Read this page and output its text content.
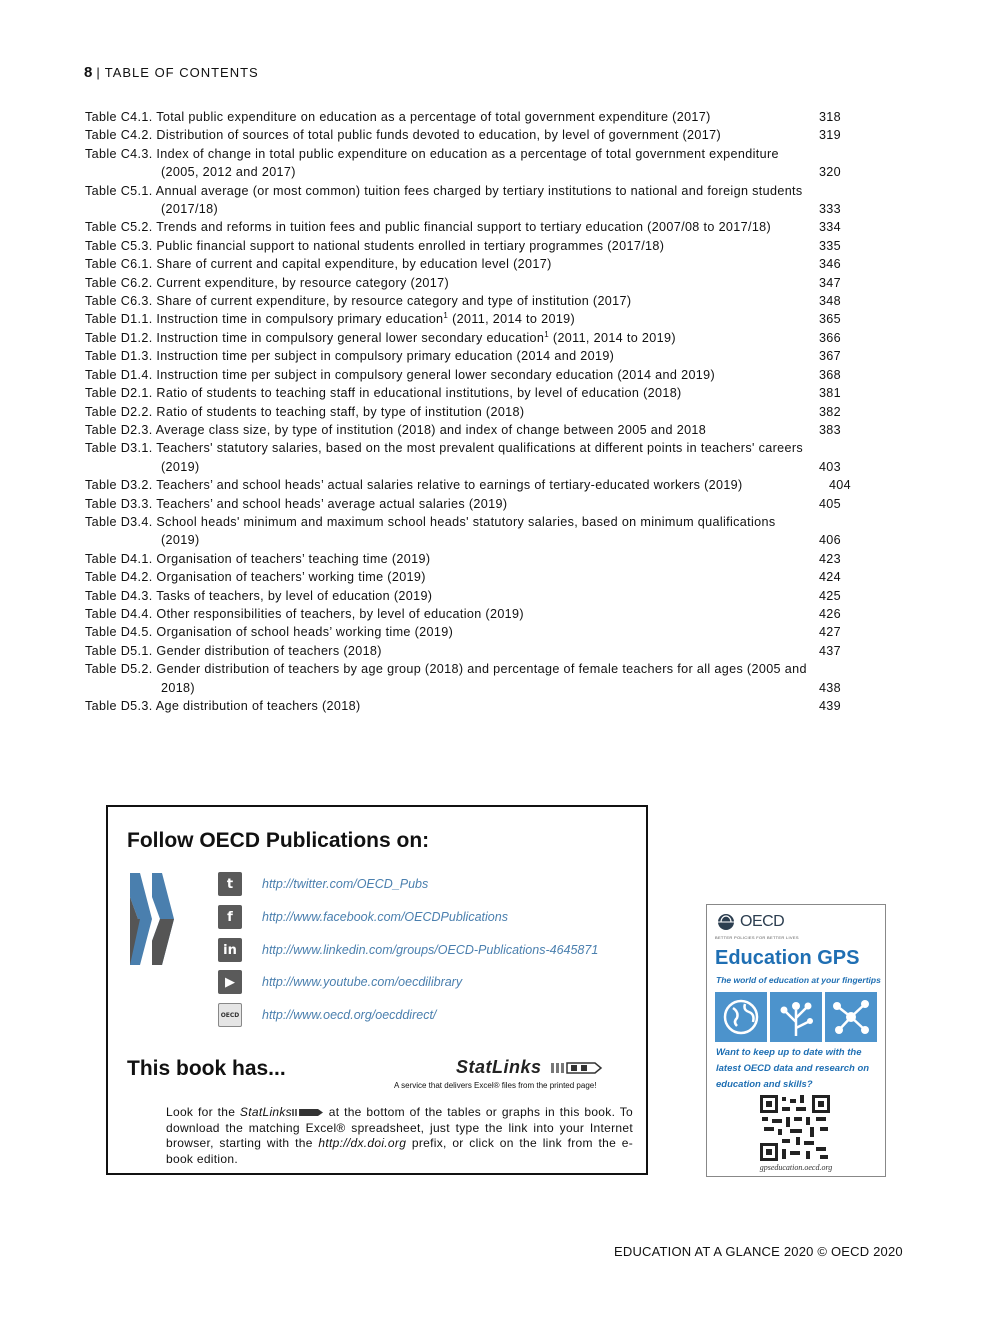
8 | TABLE OF CONTENTS
Table C4.1. Total public expenditure on education as a percentage of total government expenditure (2017)	318
Table C4.2. Distribution of sources of total public funds devoted to education, by level of government (2017)	319
Table C4.3. Index of change in total public expenditure on education as a percentage of total government expenditure (2005, 2012 and 2017)	320
Table C5.1. Annual average (or most common) tuition fees charged by tertiary institutions to national and foreign students (2017/18)	333
Table C5.2. Trends and reforms in tuition fees and public financial support to tertiary education (2007/08 to 2017/18)	334
Table C5.3. Public financial support to national students enrolled in tertiary programmes (2017/18)	335
Table C6.1. Share of current and capital expenditure, by education level (2017)	346
Table C6.2. Current expenditure, by resource category (2017)	347
Table C6.3. Share of current expenditure, by resource category and type of institution (2017)	348
Table D1.1. Instruction time in compulsory primary education$^1$ (2011, 2014 to 2019)	365
Table D1.2. Instruction time in compulsory general lower secondary education$^1$ (2011, 2014 to 2019)	366
Table D1.3. Instruction time per subject in compulsory primary education (2014 and 2019)	367
Table D1.4. Instruction time per subject in compulsory general lower secondary education (2014 and 2019)	368
Table D2.1. Ratio of students to teaching staff in educational institutions, by level of education (2018)	381
Table D2.2. Ratio of students to teaching staff, by type of institution (2018)	382
Table D2.3. Average class size, by type of institution (2018) and index of change between 2005 and 2018	383
Table D3.1. Teachers' statutory salaries, based on the most prevalent qualifications at different points in teachers' careers (2019)	403
Table D3.2. Teachers’ and school heads’ actual salaries relative to earnings of tertiary-educated workers (2019)	404
Table D3.3. Teachers’ and school heads’ average actual salaries (2019)	405
Table D3.4. School heads' minimum and maximum school heads' statutory salaries, based on minimum qualifications (2019)	406
Table D4.1. Organisation of teachers’ teaching time (2019)	423
Table D4.2. Organisation of teachers’ working time (2019)	424
Table D4.3. Tasks of teachers, by level of education (2019)	425
Table D4.4. Other responsibilities of teachers, by level of education (2019)	426
Table D4.5. Organisation of school heads’ working time (2019)	427
Table D5.1. Gender distribution of teachers (2018)	437
Table D5.2. Gender distribution of teachers by age group (2018) and percentage of female teachers for all ages (2005 and 2018)	438
Table D5.3. Age distribution of teachers (2018)	439
Follow OECD Publications on:
t	http://twitter.com/OECD_Pubs
f	http://www.facebook.com/OECDPublications
in	http://www.linkedin.com/groups/OECD-Publications-4645871
▶	http://www.youtube.com/oecdilibrary
OECD http://www.oecd.org/oecddirect/
This book has...	StatLinks
A service that delivers Excel® files from the printed page!
Look for the StatLinks	at the bottom of the tables or graphs in this book. To download the matching Excel® spreadsheet, just type the link into your Internet browser, starting with the http://dx.doi.org prefix, or click on the link from the e-book edition.
OECD
BETTER POLICIES FOR BETTER LIVES
Education GPS
The world of education at your fingertips
Want to keep up to date with the latest OECD data and research on education and skills?
gpseducation.oecd.org
EDUCATION AT A GLANCE 2020 © OECD 2020
